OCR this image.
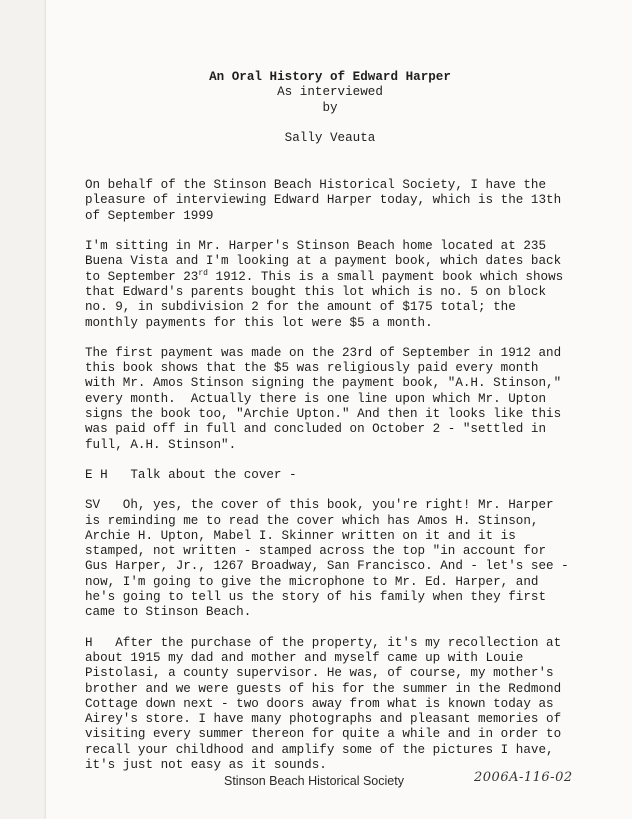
An Oral History of Edward Harper
As interviewed
by
Sally Veauta

On behalf of the Stinson Beach Historical Society, I have the
pleasure of interviewing Edward Harper today, which is the 13th
of September 1999

I'm sitting in Mr. Harper's Stinson Beach home located at 235
Buena Vista and I'm looking at a payment book, which dates back
to September 23rd 1912. This is a small payment book which shows
that Edward's parents bought this lot which is no. 5 on block
no. 9, in subdivision 2 for the amount of $175 total; the
monthly payments for this lot were $5 a month.

The first payment was made on the 23rd of September in 1912 and
this book shows that the $5 was religiously paid every month
with Mr. Amos Stinson signing the payment book, "A.H. Stinson,"
every month.  Actually there is one line upon which Mr. Upton
signs the book too, "Archie Upton." And then it looks like this
was paid off in full and concluded on October 2 - "settled in
full, A.H. Stinson".

E H   Talk about the cover -

SV   Oh, yes, the cover of this book, you're right! Mr. Harper
is reminding me to read the cover which has Amos H. Stinson,
Archie H. Upton, Mabel I. Skinner written on it and it is
stamped, not written - stamped across the top "in account for
Gus Harper, Jr., 1267 Broadway, San Francisco. And - let's see -
now, I'm going to give the microphone to Mr. Ed. Harper, and
he's going to tell us the story of his family when they first
came to Stinson Beach.

H   After the purchase of the property, it's my recollection at
about 1915 my dad and mother and myself came up with Louie
Pistolasi, a county supervisor. He was, of course, my mother's
brother and we were guests of his for the summer in the Redmond
Cottage down next - two doors away from what is known today as
Airey's store. I have many photographs and pleasant memories of
visiting every summer thereon for quite a while and in order to
recall your childhood and amplify some of the pictures I have,
it's just not easy as it sounds.

Stinson Beach Historical Society	2006A-116-02
